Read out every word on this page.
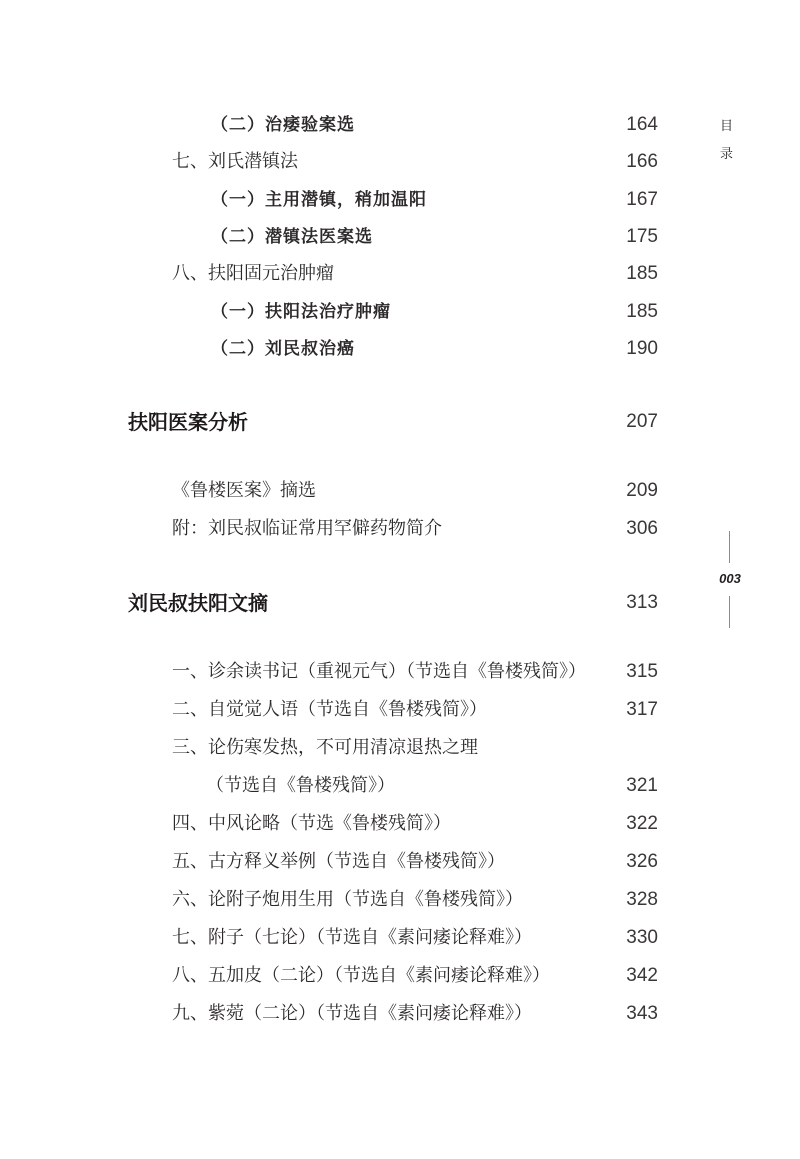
（二）治痿验案选	164
七、刘氏潜镇法	166
（一）主用潜镇，稍加温阳	167
（二）潜镇法医案选	175
八、扶阳固元治肿瘤	185
（一）扶阳法治疗肿瘤	185
（二）刘民叔治癌	190
扶阳医案分析	207
《鲁楼医案》摘选	209
附：刘民叔临证常用罕僻药物简介	306
刘民叔扶阳文摘	313
一、诊余读书记（重视元气）（节选自《鲁楼残简》） 315
二、自觉觉人语（节选自《鲁楼残简》）	317
三、论伤寒发热，不可用清凉退热之理
（节选自《鲁楼残简》）	321
四、中风论略（节选《鲁楼残简》）	322
五、古方释义举例（节选自《鲁楼残简》）	326
六、论附子炮用生用（节选自《鲁楼残简》）	328
七、附子（七论）（节选自《素问痿论释难》）	330
八、五加皮（二论）（节选自《素问痿论释难》）	342
九、紫菀（二论）（节选自《素问痿论释难》）	343
目
录
003
